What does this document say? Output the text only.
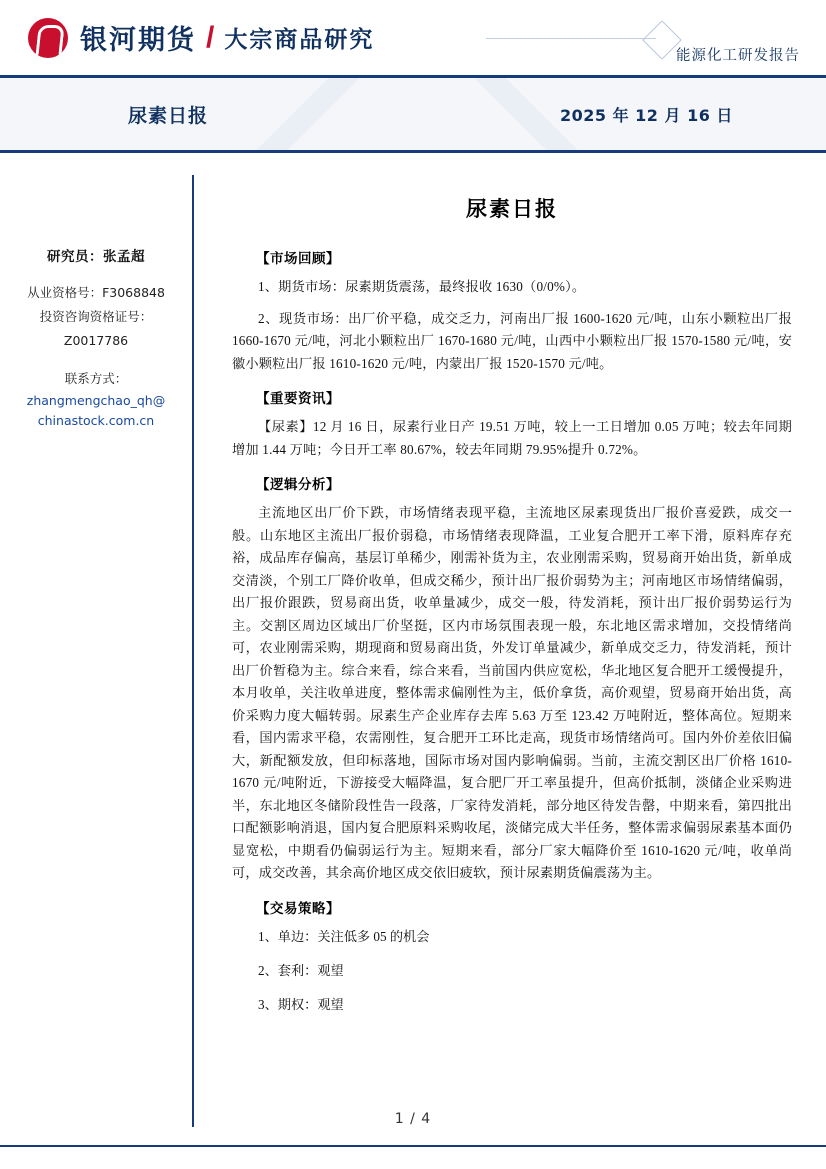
银河期货 / 大宗商品研究
能源化工研发报告
尿素日报	2025 年 12 月 16 日
研究员：张孟超
从业资格号：F3068848
投资咨询资格证号：
Z0017786
联系方式：
zhangmengchao_qh@
chinastock.com.cn
尿素日报
【市场回顾】

1、期货市场：尿素期货震荡，最终报收 1630（0/0%）。

2、现货市场：出厂价平稳，成交乏力，河南出厂报 1600-1620 元/吨，山东小颗粒出厂报 1660-1670 元/吨，河北小颗粒出厂 1670-1680 元/吨，山西中小颗粒出厂报 1570-1580 元/吨，安徽小颗粒出厂报 1610-1620 元/吨，内蒙出厂报 1520-1570 元/吨。

【重要资讯】

【尿素】12 月 16 日，尿素行业日产 19.51 万吨，较上一工日增加 0.05 万吨；较去年同期增加 1.44 万吨；今日开工率 80.67%，较去年同期 79.95%提升 0.72%。

【逻辑分析】

主流地区出厂价下跌，市场情绪表现平稳，主流地区尿素现货出厂报价喜爱跌，成交一般。山东地区主流出厂报价弱稳，市场情绪表现降温，工业复合肥开工率下滑，原料库存充裕，成品库存偏高，基层订单稀少，刚需补货为主，农业刚需采购，贸易商开始出货，新单成交清淡，个别工厂降价收单，但成交稀少，预计出厂报价弱势为主；河南地区市场情绪偏弱，出厂报价跟跌，贸易商出货，收单量减少，成交一般，待发消耗，预计出厂报价弱势运行为主。交割区周边区域出厂价坚挺，区内市场氛围表现一般，东北地区需求增加，交投情绪尚可，农业刚需采购，期现商和贸易商出货，外发订单量减少，新单成交乏力，待发消耗，预计出厂价暂稳为主。综合来看，综合来看，当前国内供应宽松，华北地区复合肥开工缓慢提升，本月收单，关注收单进度，整体需求偏刚性为主，低价拿货，高价观望，贸易商开始出货，高价采购力度大幅转弱。尿素生产企业库存去库 5.63 万至 123.42 万吨附近，整体高位。短期来看，国内需求平稳，农需刚性，复合肥开工环比走高，现货市场情绪尚可。国内外价差依旧偏大，新配额发放，但印标落地，国际市场对国内影响偏弱。当前，主流交割区出厂价格 1610-1670 元/吨附近，下游接受大幅降温，复合肥厂开工率虽提升，但高价抵制，淡储企业采购进半，东北地区冬储阶段性告一段落，厂家待发消耗，部分地区待发告罄，中期来看，第四批出口配额影响消退，国内复合肥原料采购收尾，淡储完成大半任务，整体需求偏弱尿素基本面仍显宽松，中期看仍偏弱运行为主。短期来看，部分厂家大幅降价至 1610-1620 元/吨，收单尚可，成交改善，其余高价地区成交依旧疲软，预计尿素期货偏震荡为主。

【交易策略】
1、单边：关注低多 05 的机会
2、套利：观望
3、期权：观望
1 / 4
